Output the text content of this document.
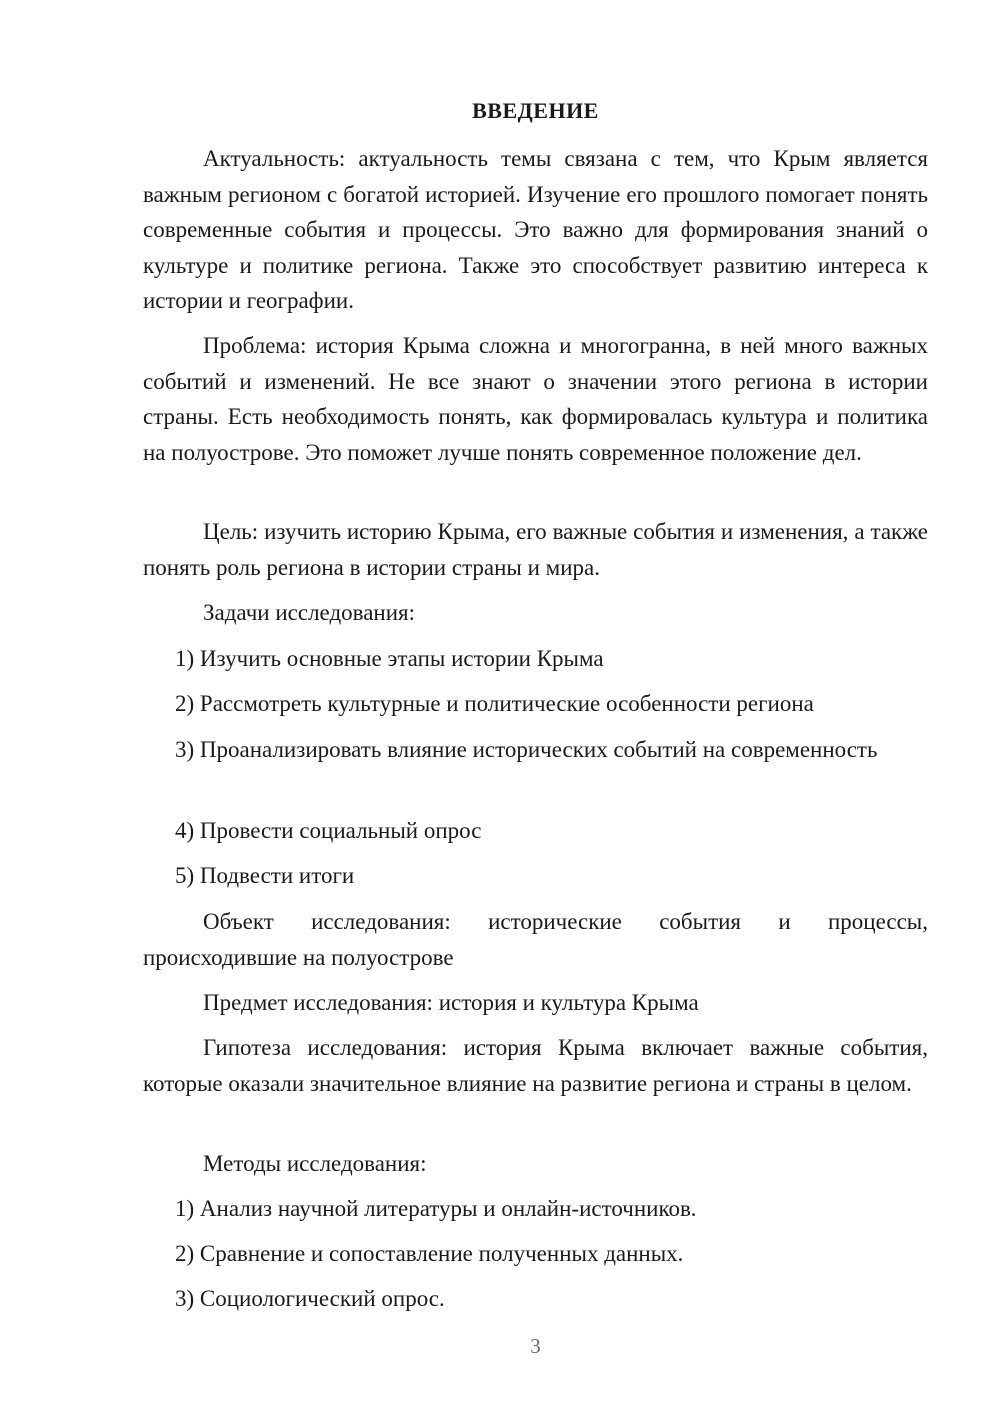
ВВЕДЕНИЕ

Актуальность: актуальность темы связана с тем, что Крым является важным регионом с богатой историей. Изучение его прошлого помогает понять современные события и процессы. Это важно для формирования знаний о культуре и политике региона. Также это способствует развитию интереса к истории и географии.

Проблема: история Крыма сложна и многогранна, в ней много важных событий и изменений. Не все знают о значении этого региона в истории страны. Есть необходимость понять, как формировалась культура и политика на полуострове. Это поможет лучше понять современное положение дел.

Цель: изучить историю Крыма, его важные события и изменения, а также понять роль региона в истории страны и мира.

Задачи исследования:

1) Изучить основные этапы истории Крыма

2) Рассмотреть культурные и политические особенности региона

3) Проанализировать влияние исторических событий на современность

4) Провести социальный опрос

5) Подвести итоги

Объект исследования: исторические события и процессы, происходившие на полуострове

Предмет исследования: история и культура Крыма

Гипотеза исследования: история Крыма включает важные события, которые оказали значительное влияние на развитие региона и страны в целом.

Методы исследования:

1) Анализ научной литературы и онлайн-источников.

2) Сравнение и сопоставление полученных данных.

3) Социологический опрос.

3
